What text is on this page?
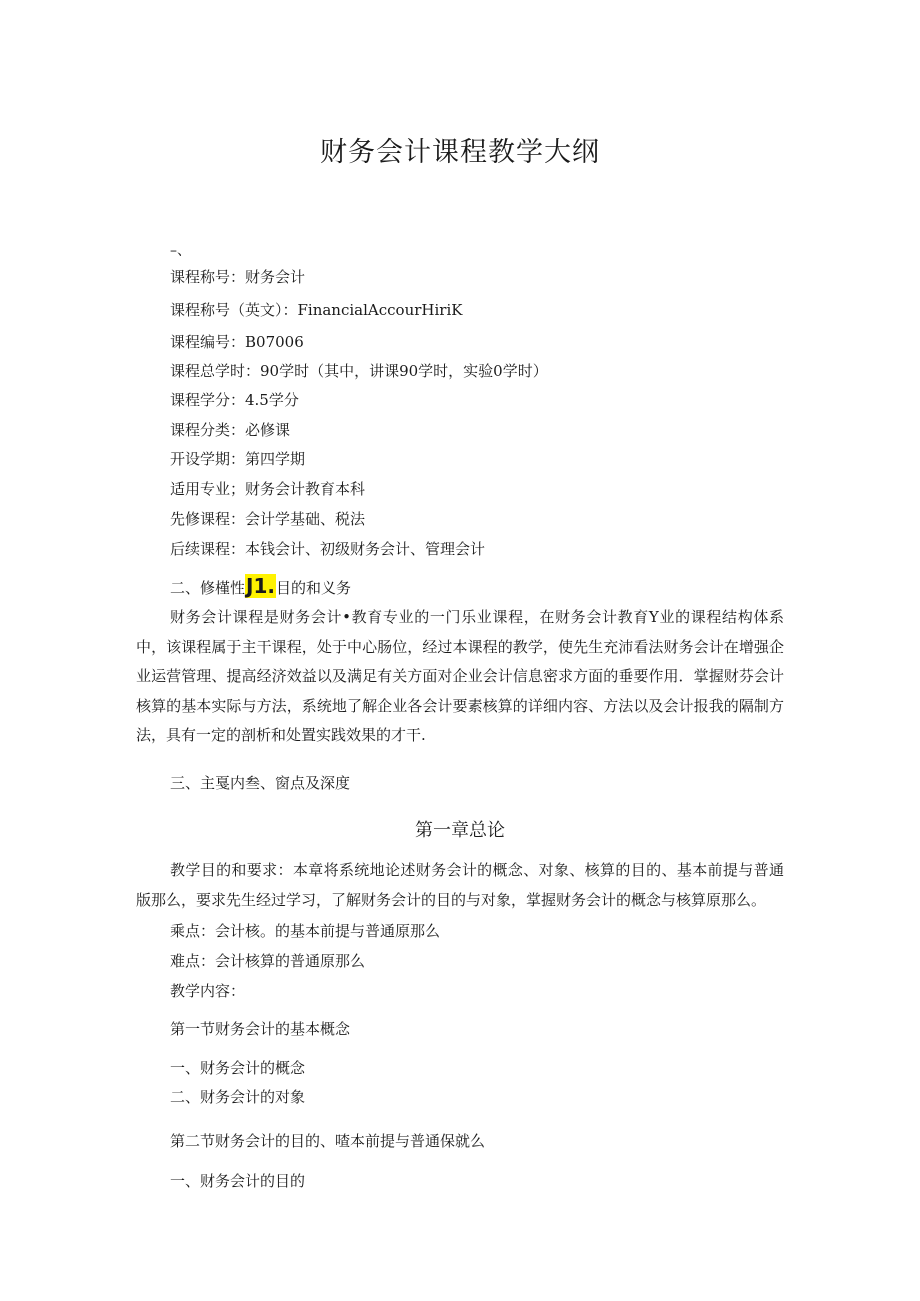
财务会计课程教学大纲
–、
课程称号：财务会计
课程称号（英文）：FinancialAccourHiriK
课程编号：B07006
课程总学时：90学时（其中，讲课90学时，实验0学时）
课程学分：4.5学分
课程分类：必修课
开设学期：第四学期
适用专业；财务会计教育本科
先修课程：会计学基础、税法
后续课程：本钱会计、初级财务会计、管理会计
二、修槿性J1.目的和义务
财务会计课程是财务会计•教育专业的一门乐业课程，在财务会计教育Y业的课程结构体系中，该课程属于主干课程，处于中心肠位，经过本课程的教学，使先生充沛看法财务会计在增强企业运营管理、提高经济效益以及满足有关方面对企业会计信息密求方面的垂要作用．掌握财芬会计核算的基本实际与方法，系统地了解企业各会计要素核算的详细内容、方法以及会计报我的隔制方法，具有一定的剖析和处置实践效果的才干.
三、主戛内叁、窗点及深度
第一章总论
教学目的和要求：本章将系统地论述财务会计的概念、对象、核算的目的、基本前提与普通版那么，要求先生经过学习，了解财务会计的目的与对象，掌握财务会计的概念与核算原那么。
乘点：会计核。的基本前提与普通原那么
难点：会计核算的普通原那么
教学内容：
第一节财务会计的基本概念
一、财务会计的概念
二、财务会计的对象
第二节财务会计的目的、喳本前提与普通保就么
一、财务会计的目的
